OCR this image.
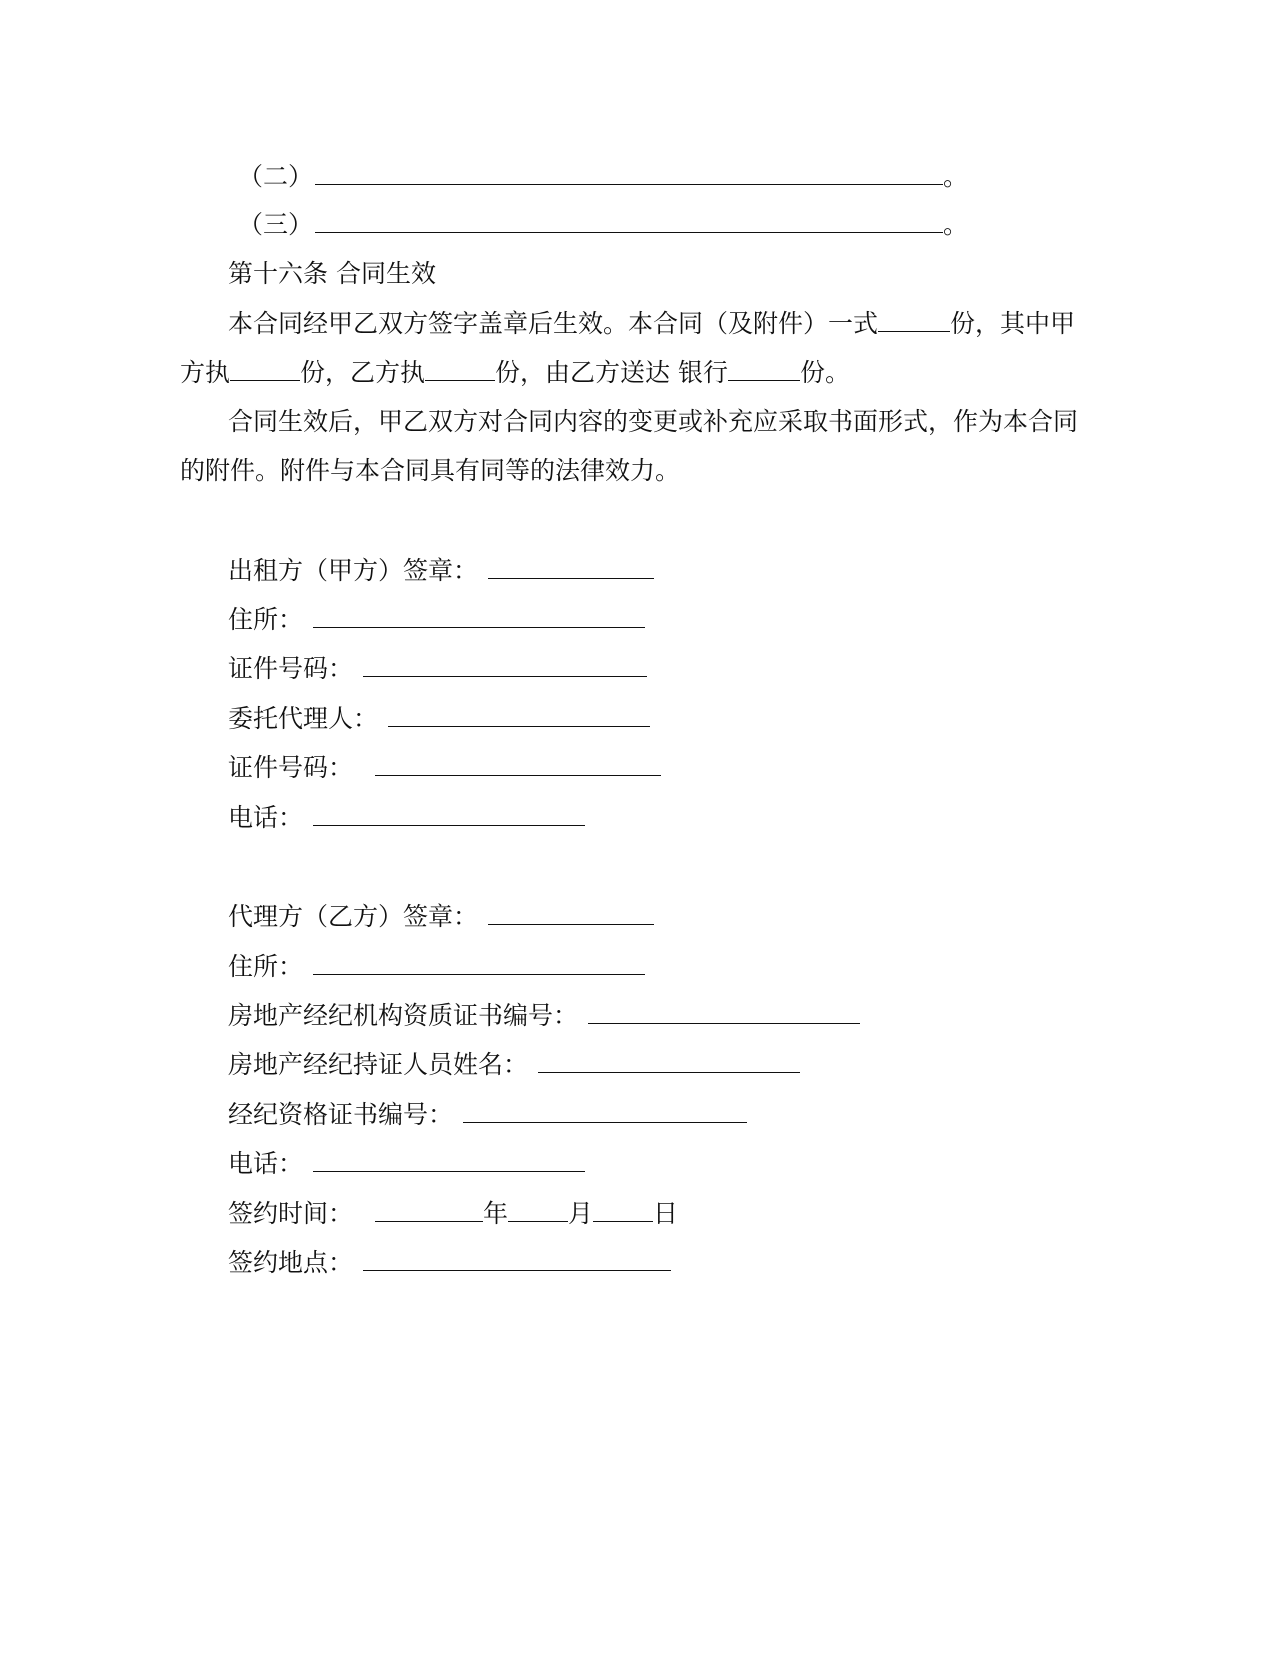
（二）	。
（三）	。
第十六条 合同生效
本合同经甲乙双方签字盖章后生效。本合同（及附件）一式	份，其中甲
方执	份，乙方执	份，由乙方送达 银行	份。
合同生效后，甲乙双方对合同内容的变更或补充应采取书面形式，作为本合同
的附件。附件与本合同具有同等的法律效力。
出租方（甲方）签章：
住所：
证件号码：
委托代理人：
证件号码：
电话：
代理方（乙方）签章：
住所：
房地产经纪机构资质证书编号：
房地产经纪持证人员姓名：
经纪资格证书编号：
电话：
签约时间：	年 月 日
签约地点：
